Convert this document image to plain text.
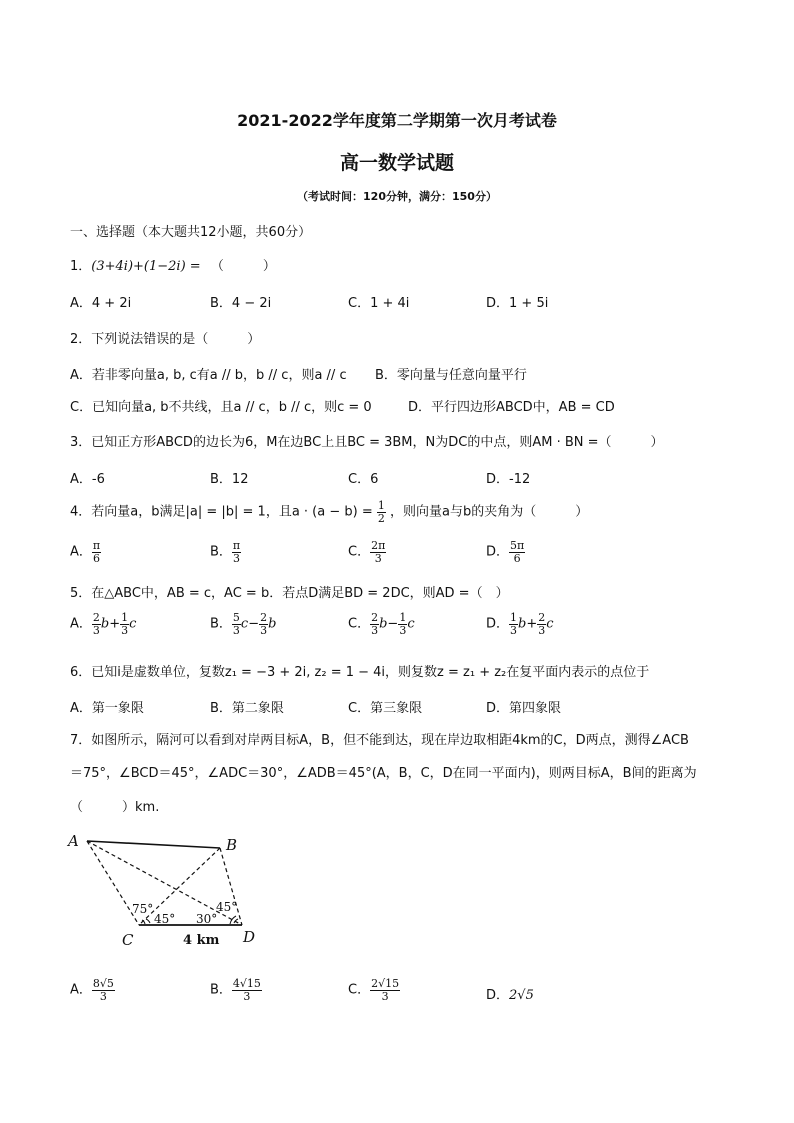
2021-2022学年度第二学期第一次月考试卷
高一数学试题
（考试时间：120分钟，满分：150分）
一、选择题（本大题共12小题，共60分）
1．(3+4i)+(1−2i) = （　　　）
A．4 + 2i	B．4 − 2i	C．1 + 4i	D．1 + 5i
2．下列说法错误的是（　　　）
A．若非零向量a, b, c有a // b，b // c，则a // c B．零向量与任意向量平行
C．已知向量a, b不共线，且a // c，b // c，则c = 0	D．平行四边形ABCD中，AB = CD
3．已知正方形ABCD的边长为6，M在边BC上且BC = 3BM，N为DC的中点，则AM · BN =（　　　）
A．-6	B．12	C．6	D．-12
4．若向量a，b满足|a| = |b| = 1，且$a \cdot (a - b) = \frac{1}{2}$ ，则向量a与b的夹角为（　　　）
A． $\frac{\pi}{6}$	B． $\frac{\pi}{3}$	C． $\frac{2\pi}{3}$	D． $\frac{5\pi}{6}$
5．在△ABC中，AB = c，AC = b．若点D满足BD = 2DC，则AD =（　）
A． $\frac{2}{3} b+ \frac{1}{3}$ c	B． $\frac{5}{3} c- \frac{2}{3}$ b	C． $\frac{2}{3} b- \frac{1}{3}$ c	D． $\frac{1}{3} b+ \frac{2}{3}$ c
6．已知i是虚数单位，复数z₁ = −3 + 2i, z₂ = 1 − 4i，则复数z = z₁ + z₂在复平面内表示的点位于
A．第一象限	B．第二象限	C．第三象限	D．第四象限
7．如图所示，隔河可以看到对岸两目标A，B，但不能到达，现在岸边取相距4km的C，D两点，测得∠ACB
＝75°，∠BCD＝45°，∠ADC＝30°，∠ADB＝45°(A，B，C，D在同一平面内)，则两目标A，B间的距离为
（　　　）km.
A	B
C	D
75°
45° 30°
45°
4 km
A． $\frac{8√5}{3}$	B． $\frac{4√15}{3}$	C． $\frac{2√15}{3}$	D．2√5
